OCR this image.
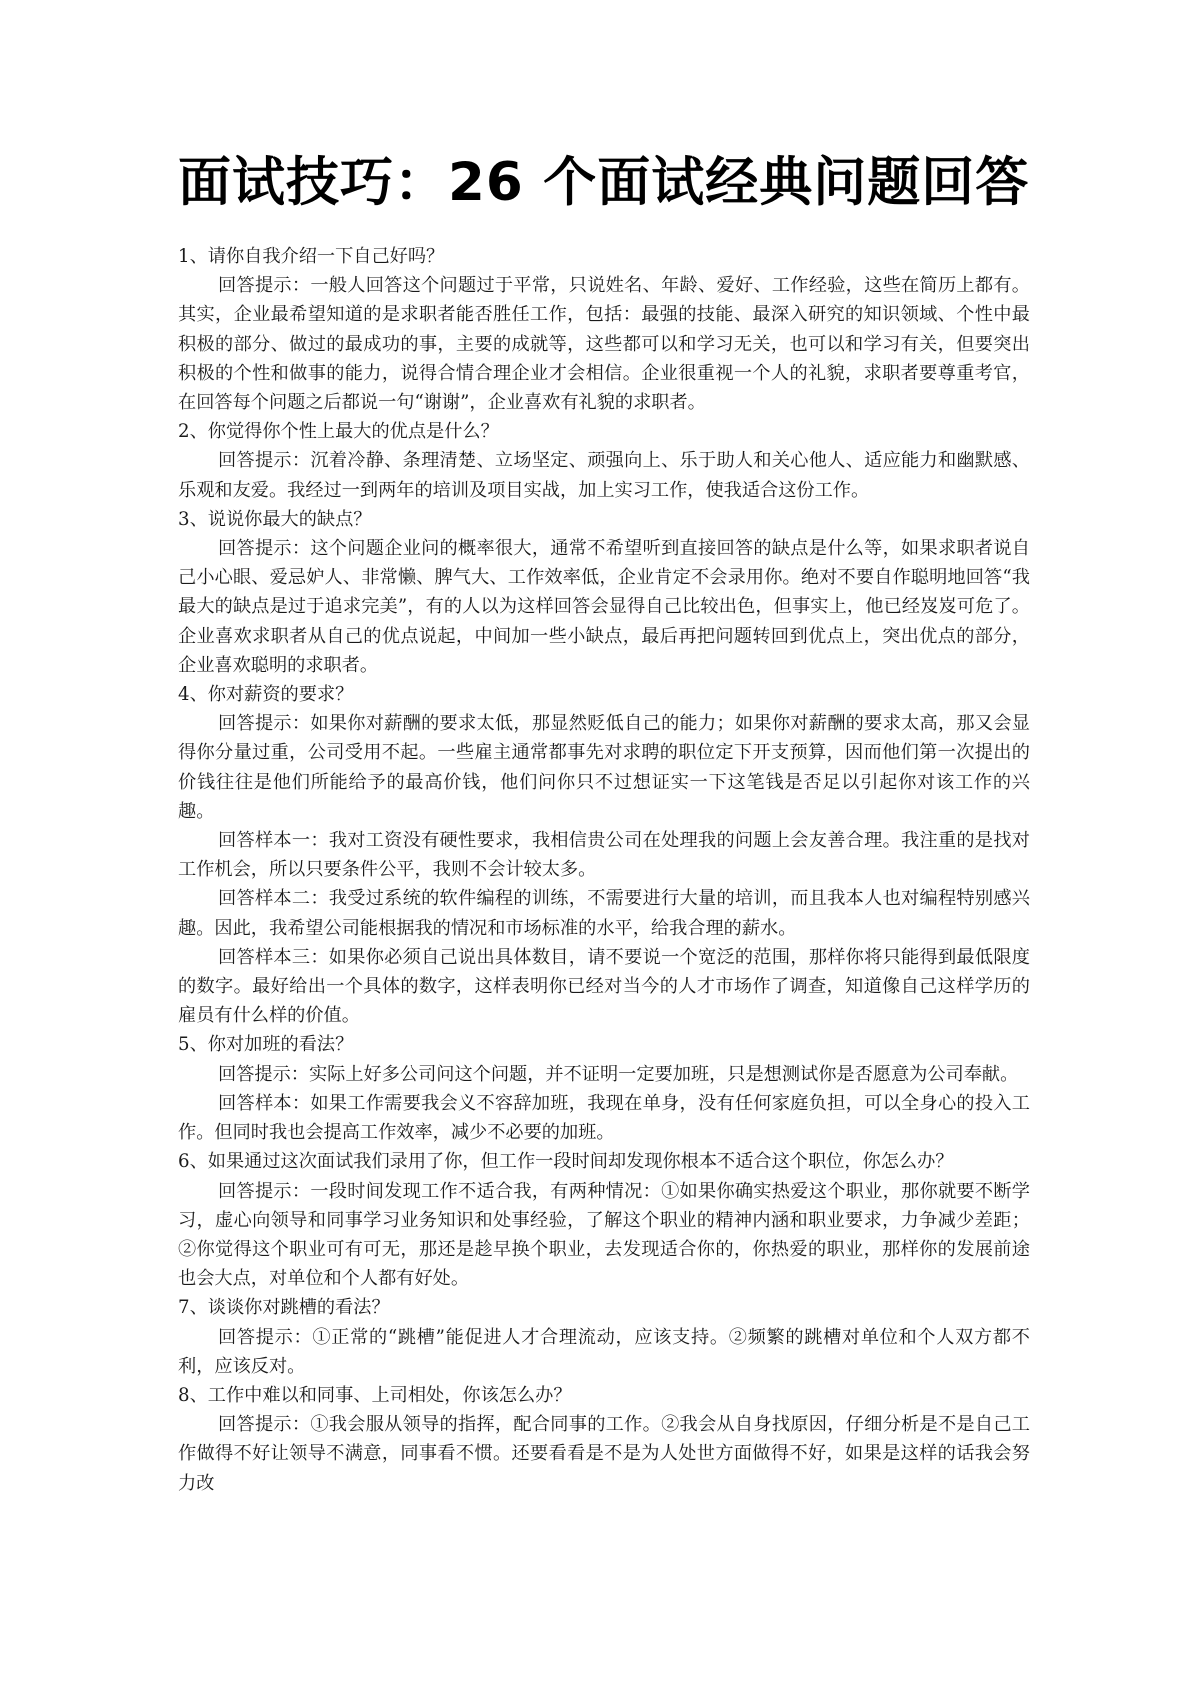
面试技巧：26 个面试经典问题回答

1、请你自我介绍一下自己好吗？

回答提示：一般人回答这个问题过于平常，只说姓名、年龄、爱好、工作经验，这些在简历上都有。其实，企业最希望知道的是求职者能否胜任工作，包括：最强的技能、最深入研究的知识领域、个性中最积极的部分、做过的最成功的事，主要的成就等，这些都可以和学习无关，也可以和学习有关，但要突出积极的个性和做事的能力，说得合情合理企业才会相信。企业很重视一个人的礼貌，求职者要尊重考官，在回答每个问题之后都说一句“谢谢”，企业喜欢有礼貌的求职者。

2、你觉得你个性上最大的优点是什么？

回答提示：沉着冷静、条理清楚、立场坚定、顽强向上、乐于助人和关心他人、适应能力和幽默感、乐观和友爱。我经过一到两年的培训及项目实战，加上实习工作，使我适合这份工作。

3、说说你最大的缺点？

回答提示：这个问题企业问的概率很大，通常不希望听到直接回答的缺点是什么等，如果求职者说自己小心眼、爱忌妒人、非常懒、脾气大、工作效率低，企业肯定不会录用你。绝对不要自作聪明地回答“我最大的缺点是过于追求完美”，有的人以为这样回答会显得自己比较出色，但事实上，他已经岌岌可危了。企业喜欢求职者从自己的优点说起，中间加一些小缺点，最后再把问题转回到优点上，突出优点的部分，企业喜欢聪明的求职者。

4、你对薪资的要求？

回答提示：如果你对薪酬的要求太低，那显然贬低自己的能力；如果你对薪酬的要求太高，那又会显得你分量过重，公司受用不起。一些雇主通常都事先对求聘的职位定下开支预算，因而他们第一次提出的价钱往往是他们所能给予的最高价钱，他们问你只不过想证实一下这笔钱是否足以引起你对该工作的兴趣。

回答样本一：我对工资没有硬性要求，我相信贵公司在处理我的问题上会友善合理。我注重的是找对工作机会，所以只要条件公平，我则不会计较太多。

回答样本二：我受过系统的软件编程的训练，不需要进行大量的培训，而且我本人也对编程特别感兴趣。因此，我希望公司能根据我的情况和市场标准的水平，给我合理的薪水。

回答样本三：如果你必须自己说出具体数目，请不要说一个宽泛的范围，那样你将只能得到最低限度的数字。最好给出一个具体的数字，这样表明你已经对当今的人才市场作了调查，知道像自己这样学历的雇员有什么样的价值。

5、你对加班的看法？

回答提示：实际上好多公司问这个问题，并不证明一定要加班，只是想测试你是否愿意为公司奉献。

回答样本：如果工作需要我会义不容辞加班，我现在单身，没有任何家庭负担，可以全身心的投入工作。但同时我也会提高工作效率，减少不必要的加班。

6、如果通过这次面试我们录用了你，但工作一段时间却发现你根本不适合这个职位，你怎么办？

回答提示：一段时间发现工作不适合我，有两种情况：①如果你确实热爱这个职业，那你就要不断学习，虚心向领导和同事学习业务知识和处事经验，了解这个职业的精神内涵和职业要求，力争减少差距；②你觉得这个职业可有可无，那还是趁早换个职业，去发现适合你的，你热爱的职业，那样你的发展前途也会大点，对单位和个人都有好处。

7、谈谈你对跳槽的看法？

回答提示：①正常的“跳槽”能促进人才合理流动，应该支持。②频繁的跳槽对单位和个人双方都不利，应该反对。

8、工作中难以和同事、上司相处，你该怎么办？

回答提示：①我会服从领导的指挥，配合同事的工作。②我会从自身找原因，仔细分析是不是自己工作做得不好让领导不满意，同事看不惯。还要看看是不是为人处世方面做得不好，如果是这样的话我会努力改
